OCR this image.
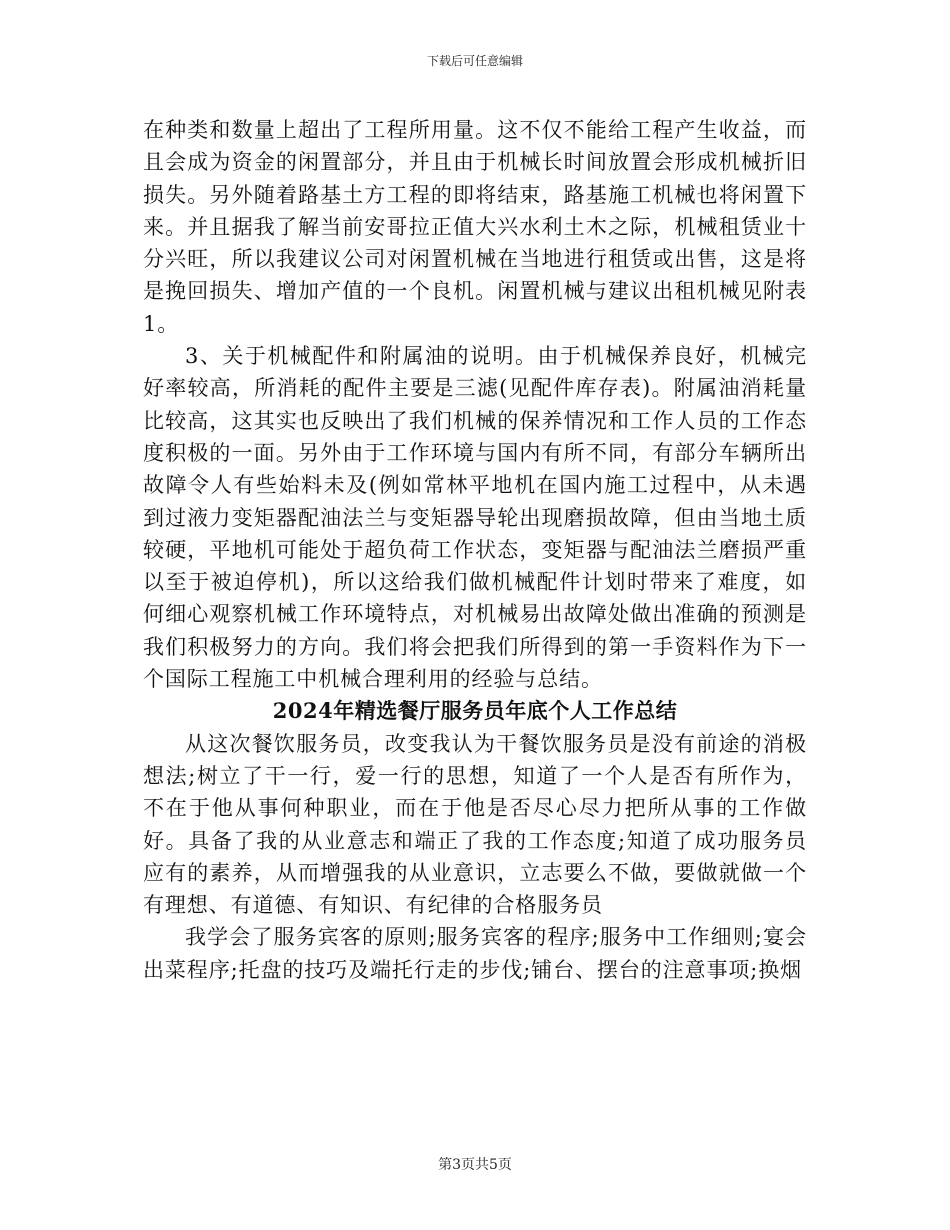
下载后可任意编辑

在种类和数量上超出了工程所用量。这不仅不能给工程产生收益，而且会成为资金的闲置部分，并且由于机械长时间放置会形成机械折旧损失。另外随着路基土方工程的即将结束，路基施工机械也将闲置下来。并且据我了解当前安哥拉正值大兴水利土木之际，机械租赁业十分兴旺，所以我建议公司对闲置机械在当地进行租赁或出售，这是将是挽回损失、增加产值的一个良机。闲置机械与建议出租机械见附表1。

3、关于机械配件和附属油的说明。由于机械保养良好，机械完好率较高，所消耗的配件主要是三滤(见配件库存表)。附属油消耗量比较高，这其实也反映出了我们机械的保养情况和工作人员的工作态度积极的一面。另外由于工作环境与国内有所不同，有部分车辆所出故障令人有些始料未及(例如常林平地机在国内施工过程中，从未遇到过液力变矩器配油法兰与变矩器导轮出现磨损故障，但由当地土质较硬，平地机可能处于超负荷工作状态，变矩器与配油法兰磨损严重以至于被迫停机)，所以这给我们做机械配件计划时带来了难度，如何细心观察机械工作环境特点，对机械易出故障处做出准确的预测是我们积极努力的方向。我们将会把我们所得到的第一手资料作为下一个国际工程施工中机械合理利用的经验与总结。

2024年精选餐厅服务员年底个人工作总结

从这次餐饮服务员，改变我认为干餐饮服务员是没有前途的消极想法;树立了干一行，爱一行的思想，知道了一个人是否有所作为，不在于他从事何种职业，而在于他是否尽心尽力把所从事的工作做好。具备了我的从业意志和端正了我的工作态度;知道了成功服务员应有的素养，从而增强我的从业意识，立志要么不做，要做就做一个有理想、有道德、有知识、有纪律的合格服务员

我学会了服务宾客的原则;服务宾客的程序;服务中工作细则;宴会出菜程序;托盘的技巧及端托行走的步伐;铺台、摆台的注意事项;换烟

第3页共5页
